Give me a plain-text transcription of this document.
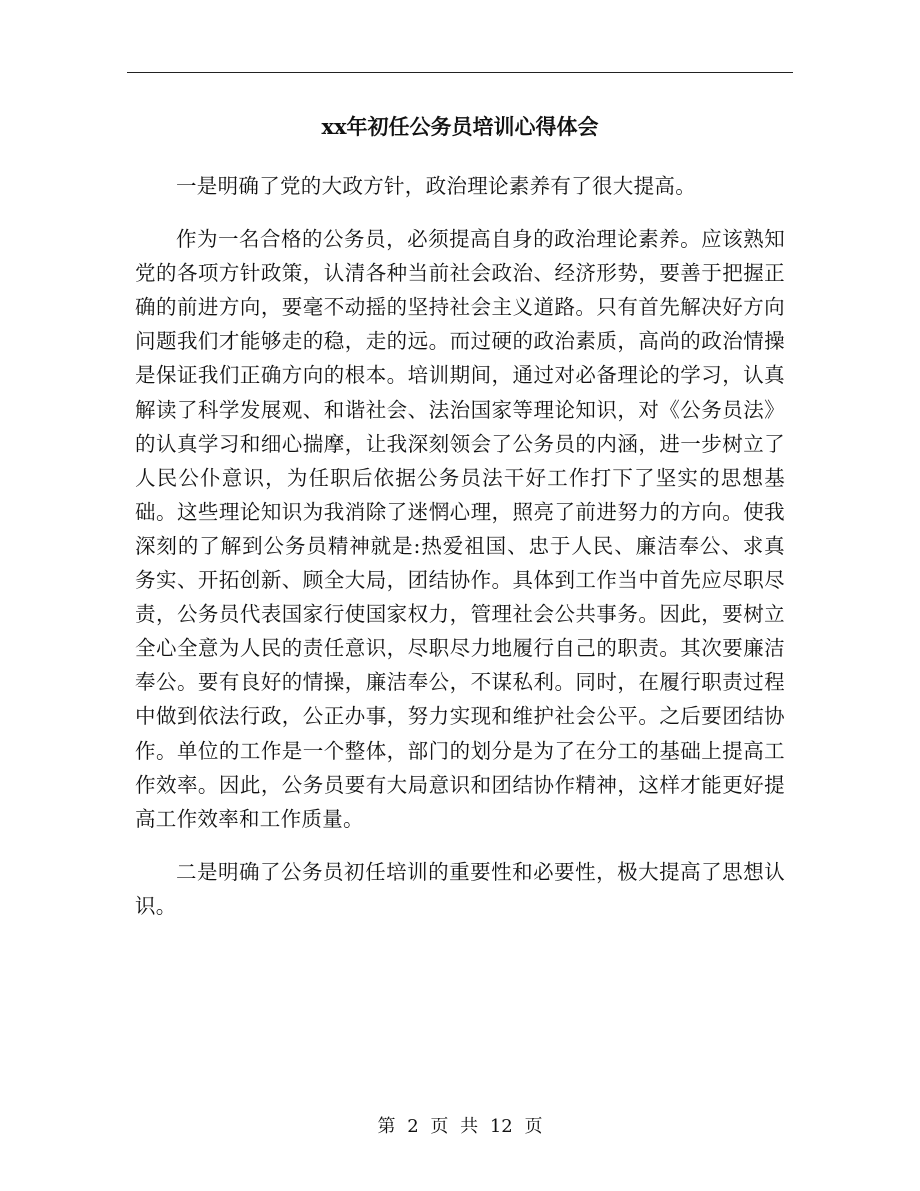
xx年初任公务员培训心得体会

一是明确了党的大政方针，政治理论素养有了很大提高。

作为一名合格的公务员，必须提高自身的政治理论素养。应该熟知党的各项方针政策，认清各种当前社会政治、经济形势，要善于把握正确的前进方向，要毫不动摇的坚持社会主义道路。只有首先解决好方向问题我们才能够走的稳，走的远。而过硬的政治素质，高尚的政治情操是保证我们正确方向的根本。培训期间，通过对必备理论的学习，认真解读了科学发展观、和谐社会、法治国家等理论知识，对《公务员法》的认真学习和细心揣摩，让我深刻领会了公务员的内涵，进一步树立了人民公仆意识，为任职后依据公务员法干好工作打下了坚实的思想基础。这些理论知识为我消除了迷惘心理，照亮了前进努力的方向。使我深刻的了解到公务员精神就是:热爱祖国、忠于人民、廉洁奉公、求真务实、开拓创新、顾全大局，团结协作。具体到工作当中首先应尽职尽责，公务员代表国家行使国家权力，管理社会公共事务。因此，要树立全心全意为人民的责任意识，尽职尽力地履行自己的职责。其次要廉洁奉公。要有良好的情操，廉洁奉公，不谋私利。同时，在履行职责过程中做到依法行政，公正办事，努力实现和维护社会公平。之后要团结协作。单位的工作是一个整体，部门的划分是为了在分工的基础上提高工作效率。因此，公务员要有大局意识和团结协作精神，这样才能更好提高工作效率和工作质量。

二是明确了公务员初任培训的重要性和必要性，极大提高了思想认识。

第 2 页 共 12 页
